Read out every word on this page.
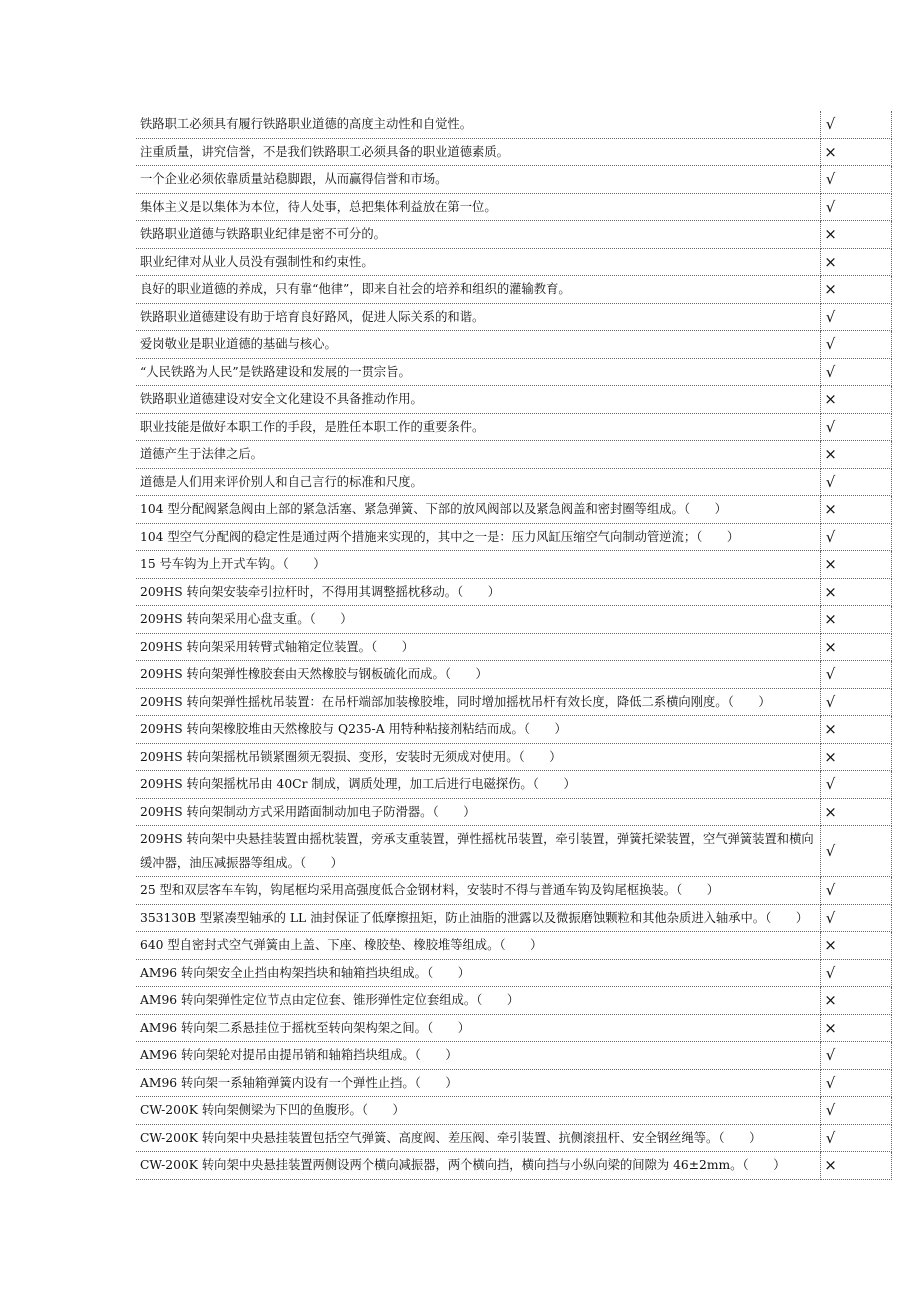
铁路职工必须具有履行铁路职业道德的高度主动性和自觉性。	√
注重质量，讲究信誉，不是我们铁路职工必须具备的职业道德素质。	×
一个企业必须依靠质量站稳脚跟，从而赢得信誉和市场。	√
集体主义是以集体为本位，待人处事，总把集体利益放在第一位。	√
铁路职业道德与铁路职业纪律是密不可分的。	×
职业纪律对从业人员没有强制性和约束性。	×
良好的职业道德的养成，只有靠“他律”，即来自社会的培养和组织的灌输教育。	×
铁路职业道德建设有助于培育良好路风，促进人际关系的和谐。	√
爱岗敬业是职业道德的基础与核心。	√
“人民铁路为人民”是铁路建设和发展的一贯宗旨。	√
铁路职业道德建设对安全文化建设不具备推动作用。	×
职业技能是做好本职工作的手段，是胜任本职工作的重要条件。	√
道德产生于法律之后。	×
道德是人们用来评价别人和自己言行的标准和尺度。	√
104 型分配阀紧急阀由上部的紧急活塞、紧急弹簧、下部的放风阀部以及紧急阀盖和密封圈等组成。（　　）	×
104 型空气分配阀的稳定性是通过两个措施来实现的，其中之一是：压力风缸压缩空气向制动管逆流；（　　）	√
15 号车钩为上开式车钩。（　　）	×
209HS 转向架安装牵引拉杆时，不得用其调整摇枕移动。（　　）	×
209HS 转向架采用心盘支重。（　　）	×
209HS 转向架采用转臂式轴箱定位装置。（　　）	×
209HS 转向架弹性橡胶套由天然橡胶与钢板硫化而成。（　　）	√
209HS 转向架弹性摇枕吊装置：在吊杆端部加装橡胶堆，同时增加摇枕吊杆有效长度，降低二系横向刚度。（　　）	√
209HS 转向架橡胶堆由天然橡胶与 Q235-A 用特种粘接剂粘结而成。（　　）	×
209HS 转向架摇枕吊锁紧圈须无裂损、变形，安装时无须成对使用。（　　）	×
209HS 转向架摇枕吊由 40Cr 制成，调质处理，加工后进行电磁探伤。（　　）	√
209HS 转向架制动方式采用踏面制动加电子防滑器。（　　）	×
209HS 转向架中央悬挂装置由摇枕装置，旁承支重装置，弹性摇枕吊装置，牵引装置，弹簧托梁装置，空气弹簧装置和横向缓冲器，油压减振器等组成。（　　）	√
25 型和双层客车车钩，钩尾框均采用高强度低合金钢材料，安装时不得与普通车钩及钩尾框换装。（　　）	√
353130B 型紧凑型轴承的 LL 油封保证了低摩擦扭矩，防止油脂的泄露以及微振磨蚀颗粒和其他杂质进入轴承中。（　　）	√
640 型自密封式空气弹簧由上盖、下座、橡胶垫、橡胶堆等组成。（　　）	×
AM96 转向架安全止挡由构架挡块和轴箱挡块组成。（　　）	√
AM96 转向架弹性定位节点由定位套、锥形弹性定位套组成。（　　）	×
AM96 转向架二系悬挂位于摇枕至转向架构架之间。（　　）	×
AM96 转向架轮对提吊由提吊销和轴箱挡块组成。（　　）	√
AM96 转向架一系轴箱弹簧内设有一个弹性止挡。（　　）	√
CW-200K 转向架侧梁为下凹的鱼腹形。（　　）	√
CW-200K 转向架中央悬挂装置包括空气弹簧、高度阀、差压阀、牵引装置、抗侧滚扭杆、安全钢丝绳等。（　　）	√
CW-200K 转向架中央悬挂装置两侧设两个横向减振器，两个横向挡，横向挡与小纵向梁的间隙为 46±2mm。（　　）	×
